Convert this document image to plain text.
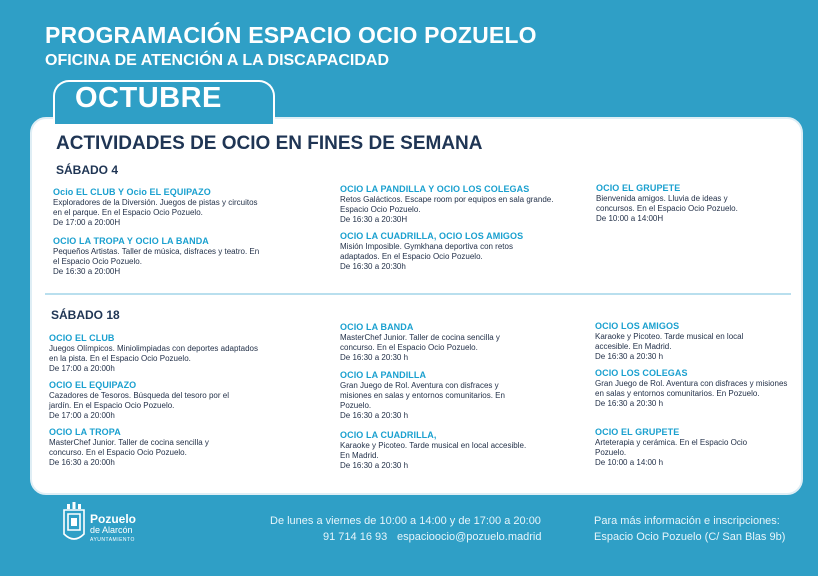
PROGRAMACIÓN ESPACIO OCIO POZUELO
OFICINA DE ATENCIÓN A LA DISCAPACIDAD
OCTUBRE
ACTIVIDADES DE OCIO EN FINES DE SEMANA
SÁBADO 4
Ocio EL CLUB Y Ocio EL EQUIPAZO
Exploradores de la Diversión. Juegos de pistas y circuitos en el parque. En el Espacio Ocio Pozuelo.
De 17:00 a 20:00H
OCIO LA TROPA Y OCIO LA BANDA
Pequeños Artistas. Taller de música, disfraces y teatro. En el Espacio Ocio Pozuelo.
De 16:30 a 20:00H
OCIO LA PANDILLA Y OCIO LOS COLEGAS
Retos Galácticos. Escape room por equipos en sala grande. Espacio Ocio Pozuelo.
De 16:30 a 20:30H
OCIO LA CUADRILLA, OCIO LOS AMIGOS
Misión Imposible. Gymkhana deportiva con retos adaptados. En el Espacio Ocio Pozuelo.
De 16:30 a 20:30h
OCIO EL GRUPETE
Bienvenida amigos. Lluvia de ideas y concursos. En el Espacio Ocio Pozuelo.
De 10:00 a 14:00H
SÁBADO 18
OCIO EL CLUB
Juegos Olímpicos. Miniolimpiadas con deportes adaptados en la pista. En el Espacio Ocio Pozuelo.
De 17:00 a 20:00h
OCIO EL EQUIPAZO
Cazadores de Tesoros. Búsqueda del tesoro por el jardín. En el Espacio Ocio Pozuelo.
De 17:00 a 20:00h
OCIO LA TROPA
MasterChef Junior. Taller de cocina sencilla y concurso. En el Espacio Ocio Pozuelo.
De 16:30 a 20:00h
OCIO LA BANDA
MasterChef Junior. Taller de cocina sencilla y concurso. En el Espacio Ocio Pozuelo.
De 16:30 a 20:30 h
OCIO LA PANDILLA
Gran Juego de Rol. Aventura con disfraces y misiones en salas y entornos comunitarios. En Pozuelo.
De 16:30 a 20:30 h
OCIO LA CUADRILLA,
Karaoke y Picoteo. Tarde musical en local accesible. En Madrid.
De 16:30 a 20:30 h
OCIO LOS AMIGOS
Karaoke y Picoteo. Tarde musical en local accesible. En Madrid.
De 16:30 a 20:30 h
OCIO LOS COLEGAS
Gran Juego de Rol. Aventura con disfraces y misiones en salas y entornos comunitarios. En Pozuelo.
De 16:30 a 20:30 h
OCIO EL GRUPETE
Arteterapia y cerámica. En el Espacio Ocio Pozuelo.
De 10:00 a 14:00 h
Pozuelo
de Alarcón
AYUNTAMIENTO
De lunes a viernes de 10:00 a 14:00 y de 17:00 a 20:00
91 714 16 93 espacioocio@pozuelo.madrid
Para más información e inscripciones:
Espacio Ocio Pozuelo (C/ San Blas 9b)
